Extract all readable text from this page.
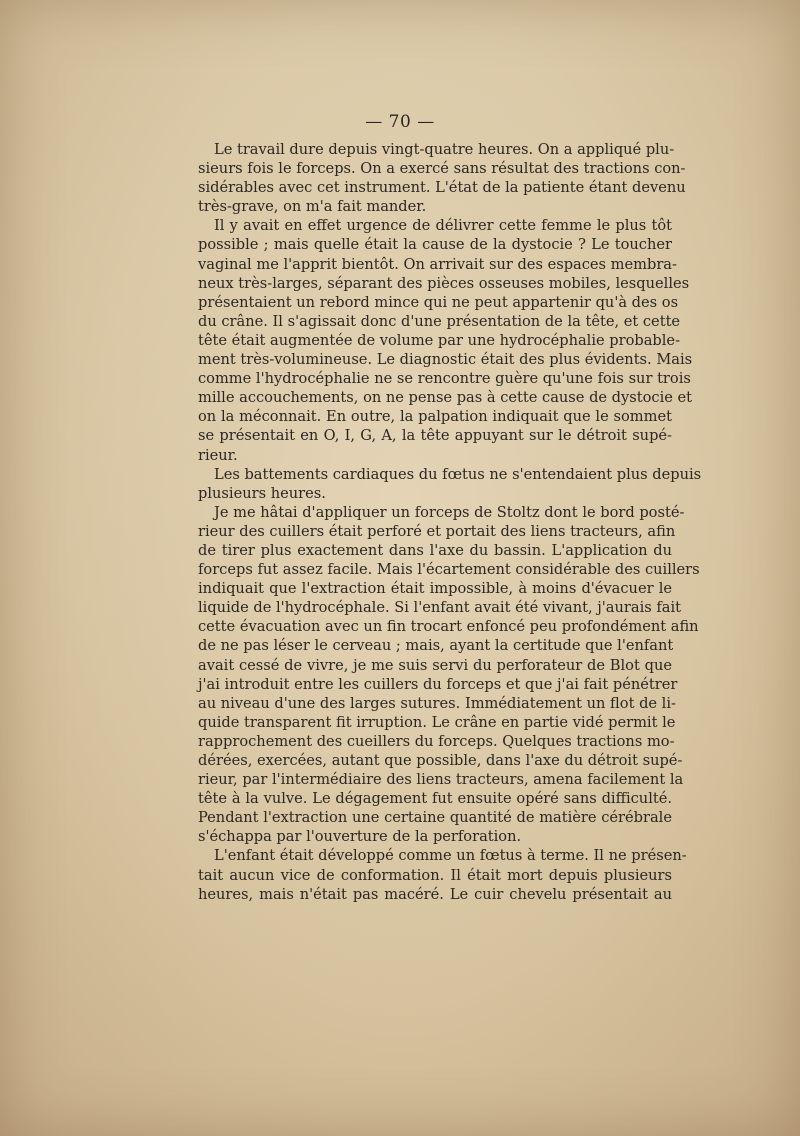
— 70 —
Le travail dure depuis vingt-quatre heures. On a appliqué plu-
sieurs fois le forceps. On a exercé sans résultat des tractions con-
sidérables avec cet instrument. L'état de la patiente étant devenu
très-grave, on m'a fait mander.
Il y avait en effet urgence de délivrer cette femme le plus tôt
possible ; mais quelle était la cause de la dystocie ? Le toucher
vaginal me l'apprit bientôt. On arrivait sur des espaces membra-
neux très-larges, séparant des pièces osseuses mobiles, lesquelles
présentaient un rebord mince qui ne peut appartenir qu'à des os
du crâne. Il s'agissait donc d'une présentation de la tête, et cette
tête était augmentée de volume par une hydrocéphalie probable-
ment très-volumineuse. Le diagnostic était des plus évidents. Mais
comme l'hydrocéphalie ne se rencontre guère qu'une fois sur trois
mille accouchements, on ne pense pas à cette cause de dystocie et
on la méconnait. En outre, la palpation indiquait que le sommet
se présentait en O, I, G, A, la tête appuyant sur le détroit supé-
rieur.
Les battements cardiaques du fœtus ne s'entendaient plus depuis
plusieurs heures.
Je me hâtai d'appliquer un forceps de Stoltz dont le bord posté-
rieur des cuillers était perforé et portait des liens tracteurs, afin
de tirer plus exactement dans l'axe du bassin. L'application du
forceps fut assez facile. Mais l'écartement considérable des cuillers
indiquait que l'extraction était impossible, à moins d'évacuer le
liquide de l'hydrocéphale. Si l'enfant avait été vivant, j'aurais fait
cette évacuation avec un fin trocart enfoncé peu profondément afin
de ne pas léser le cerveau ; mais, ayant la certitude que l'enfant
avait cessé de vivre, je me suis servi du perforateur de Blot que
j'ai introduit entre les cuillers du forceps et que j'ai fait pénétrer
au niveau d'une des larges sutures. Immédiatement un flot de li-
quide transparent fit irruption. Le crâne en partie vidé permit le
rapprochement des cueillers du forceps. Quelques tractions mo-
dérées, exercées, autant que possible, dans l'axe du détroit supé-
rieur, par l'intermédiaire des liens tracteurs, amena facilement la
tête à la vulve. Le dégagement fut ensuite opéré sans difficulté.
Pendant l'extraction une certaine quantité de matière cérébrale
s'échappa par l'ouverture de la perforation.
L'enfant était développé comme un fœtus à terme. Il ne présen-
tait aucun vice de conformation. Il était mort depuis plusieurs
heures, mais n'était pas macéré. Le cuir chevelu présentait au
